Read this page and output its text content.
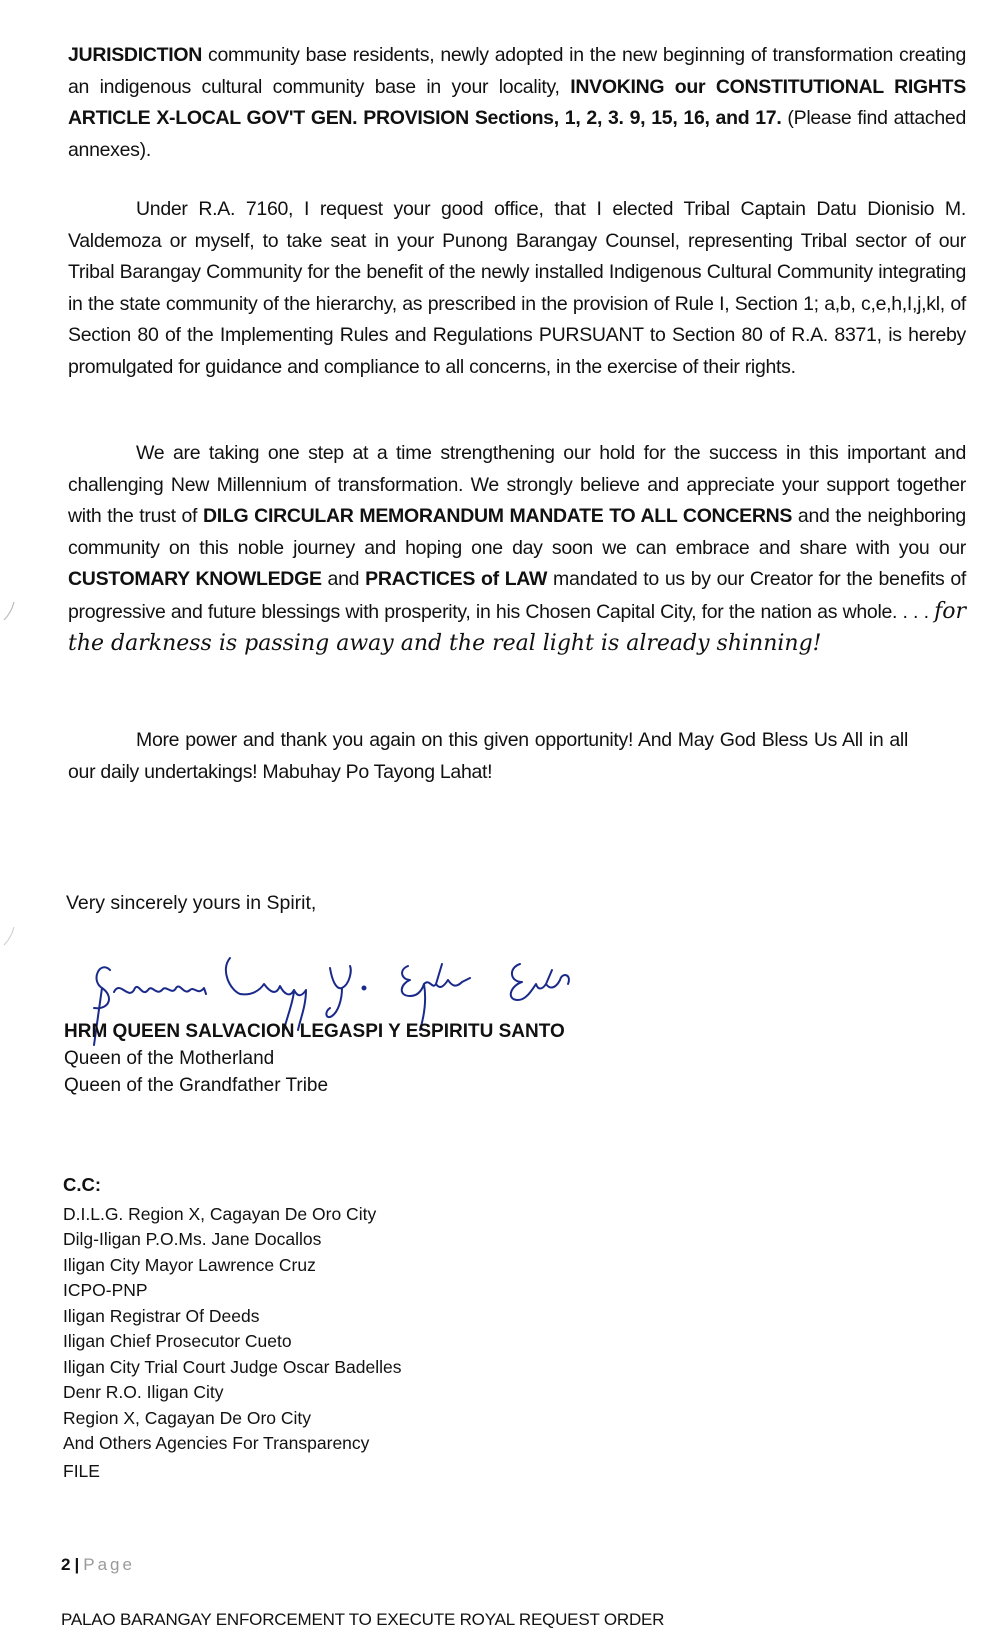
JURISDICTION community base residents, newly adopted in the new beginning of transformation creating an indigenous cultural community base in your locality, INVOKING our CONSTITUTIONAL RIGHTS ARTICLE X-LOCAL GOV'T GEN. PROVISION Sections, 1, 2, 3. 9, 15, 16, and 17. (Please find attached annexes).

Under R.A. 7160, I request your good office, that I elected Tribal Captain Datu Dionisio M. Valdemoza or myself, to take seat in your Punong Barangay Counsel, representing Tribal sector of our Tribal Barangay Community for the benefit of the newly installed Indigenous Cultural Community integrating in the state community of the hierarchy, as prescribed in the provision of Rule I, Section 1; a,b, c,e,h,I,j,kl, of Section 80 of the Implementing Rules and Regulations PURSUANT to Section 80 of R.A. 8371, is hereby promulgated for guidance and compliance to all concerns, in the exercise of their rights.

We are taking one step at a time strengthening our hold for the success in this important and challenging New Millennium of transformation. We strongly believe and appreciate your support together with the trust of DILG CIRCULAR MEMORANDUM MANDATE TO ALL CONCERNS and the neighboring community on this noble journey and hoping one day soon we can embrace and share with you our CUSTOMARY KNOWLEDGE and PRACTICES of LAW mandated to us by our Creator for the benefits of progressive and future blessings with prosperity, in his Chosen Capital City, for the nation as whole. . . . for the darkness is passing away and the real light is already shinning!

More power and thank you again on this given opportunity! And May God Bless Us All in all our daily undertakings! Mabuhay Po Tayong Lahat!

Very sincerely yours in Spirit,
HRM QUEEN SALVACION LEGASPI Y ESPIRITU SANTO
Queen of the Motherland
Queen of the Grandfather Tribe
C.C:
D.I.L.G. Region X, Cagayan De Oro City
Dilg-Iligan P.O.Ms. Jane Docallos
Iligan City Mayor Lawrence Cruz
ICPO-PNP
Iligan Registrar Of Deeds
Iligan Chief Prosecutor Cueto
Iligan City Trial Court Judge Oscar Badelles
Denr R.O. Iligan City
Region X, Cagayan De Oro City
And Others Agencies For Transparency
FILE
2 | Page
PALAO BARANGAY ENFORCEMENT TO EXECUTE ROYAL REQUEST ORDER
